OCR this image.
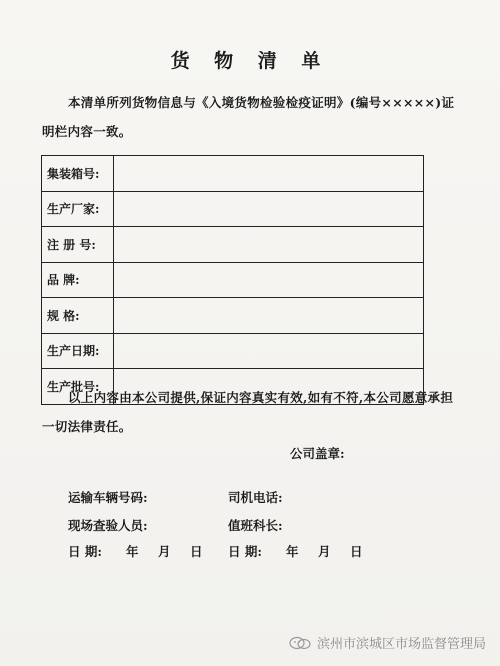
货 物 清 单
本清单所列货物信息与《入境货物检验检疫证明》(编号×××××)证明栏内容一致。
集装箱号:	
生产厂家:	
注 册 号:	
品 牌:	
规 格:	
生产日期:	
生产批号:	
以上内容由本公司提供,保证内容真实有效,如有不符,本公司愿意承担一切法律责任。
公司盖章:
运输车辆号码:	司机电话:
现场查验人员:	值班科长:
日 期:	年	月	日 日 期:	年	月	日
滨州市滨城区市场监督管理局
